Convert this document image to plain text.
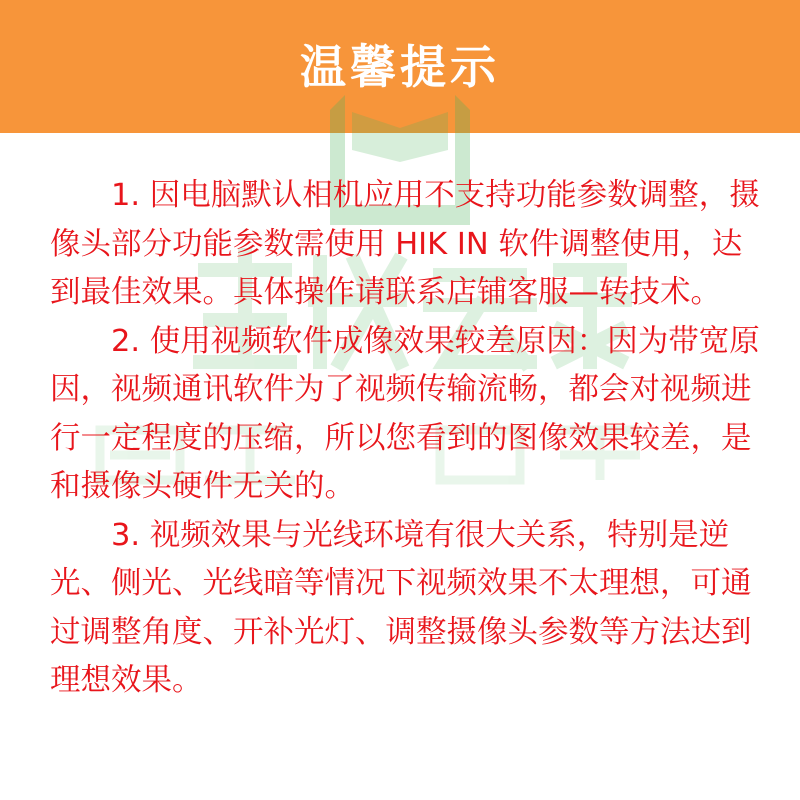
温馨提示

1. 因电脑默认相机应用不支持功能参数调整，摄像头部分功能参数需使用 HIK IN 软件调整使用，达到最佳效果。具体操作请联系店铺客服—转技术。

2. 使用视频软件成像效果较差原因：因为带宽原因，视频通讯软件为了视频传输流畅，都会对视频进行一定程度的压缩，所以您看到的图像效果较差，是和摄像头硬件无关的。

3. 视频效果与光线环境有很大关系，特别是逆光、侧光、光线暗等情况下视频效果不太理想，可通过调整角度、开补光灯、调整摄像头参数等方法达到理想效果。
